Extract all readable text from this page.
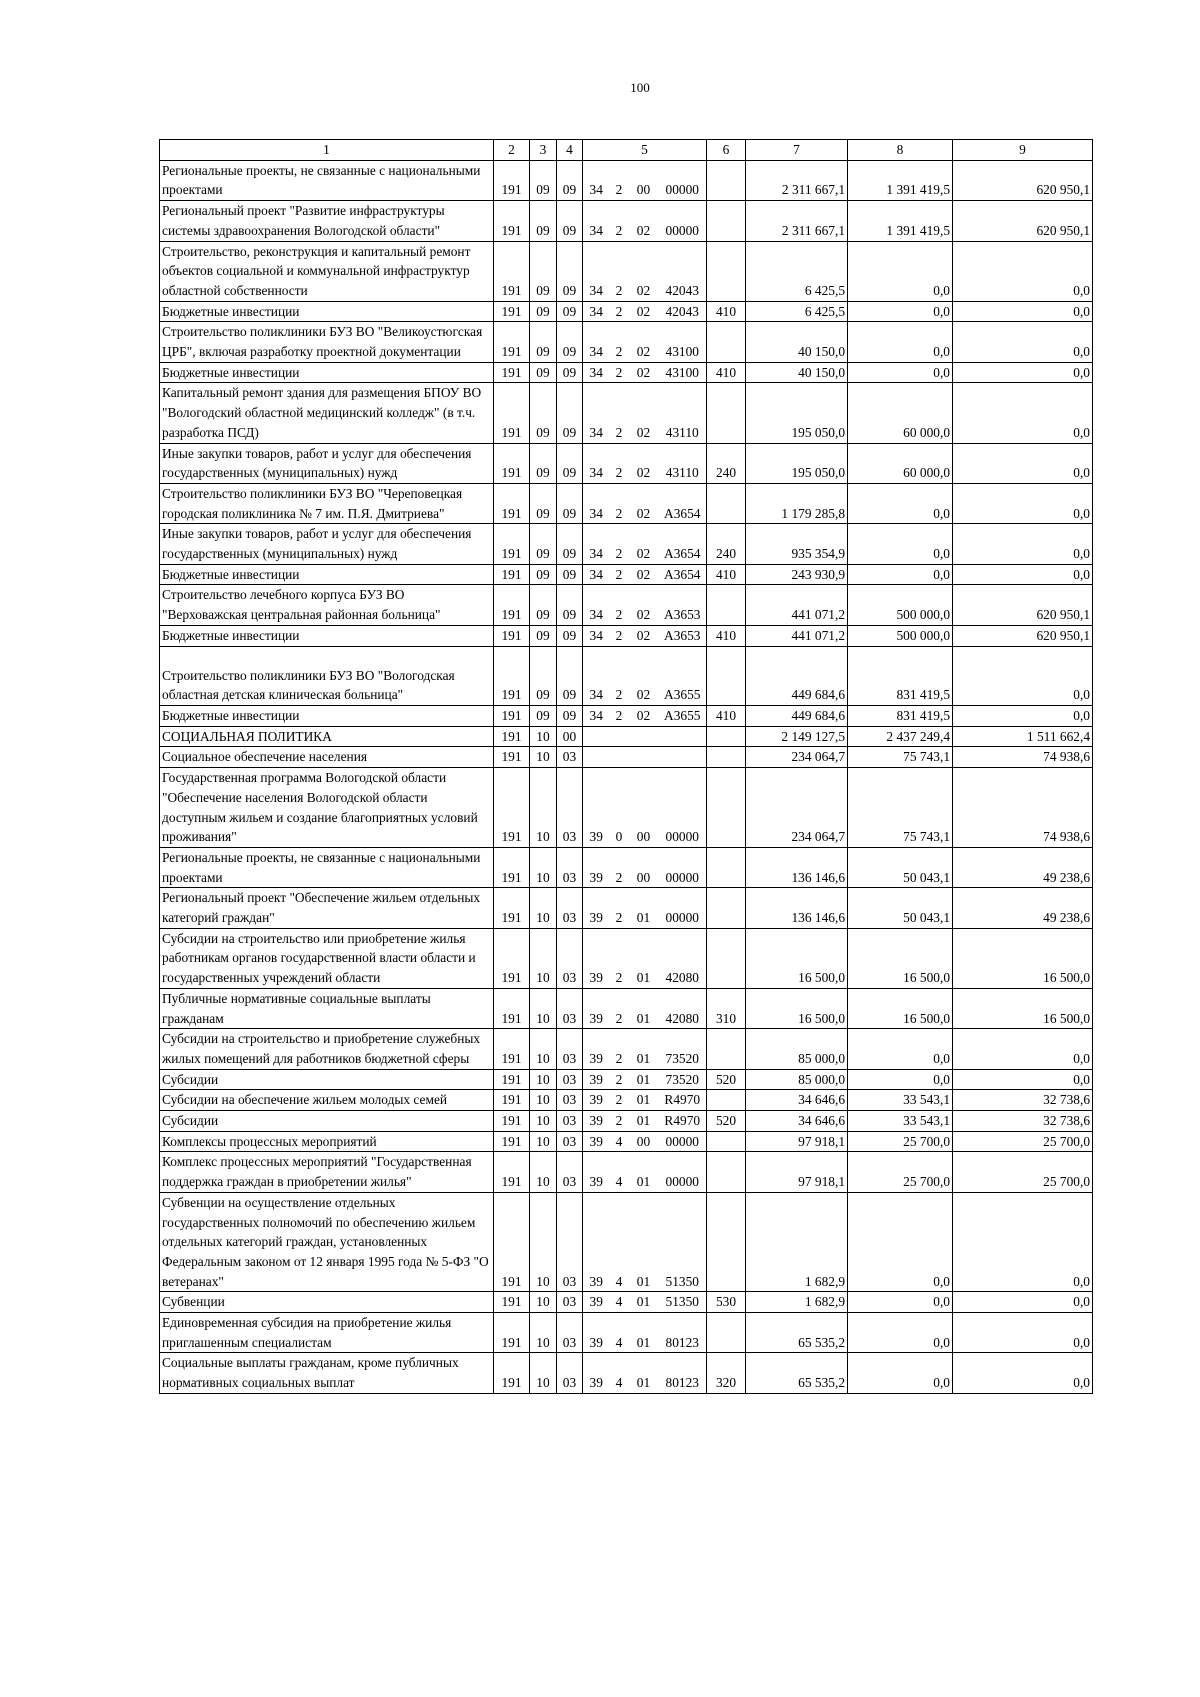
100
1	2	3	4	5				6	7	8	9
Региональные проекты, не связанные с национальными проектами	191	09	09	34	2	00	00000		2 311 667,1	1 391 419,5	620 950,1
Региональный проект "Развитие инфраструктуры системы здравоохранения Вологодской области"	191	09	09	34	2	02	00000		2 311 667,1	1 391 419,5	620 950,1
Строительство, реконструкция и капитальный ремонт объектов социальной и коммунальной инфраструктур областной собственности	191	09	09	34	2	02	42043		6 425,5	0,0	0,0
Бюджетные инвестиции	191	09	09	34	2	02	42043	410	6 425,5	0,0	0,0
Строительство поликлиники БУЗ ВО "Великоустюгская ЦРБ", включая разработку проектной документации	191	09	09	34	2	02	43100		40 150,0	0,0	0,0
Бюджетные инвестиции	191	09	09	34	2	02	43100	410	40 150,0	0,0	0,0
Капитальный ремонт здания для размещения БПОУ ВО "Вологодский областной медицинский колледж" (в т.ч. разработка ПСД)	191	09	09	34	2	02	43110		195 050,0	60 000,0	0,0
Иные закупки товаров, работ и услуг для обеспечения государственных (муниципальных) нужд	191	09	09	34	2	02	43110	240	195 050,0	60 000,0	0,0
Строительство поликлиники БУЗ ВО "Череповецкая городская поликлиника № 7 им. П.Я. Дмитриева"	191	09	09	34	2	02	А3654		1 179 285,8	0,0	0,0
Иные закупки товаров, работ и услуг для обеспечения государственных (муниципальных) нужд	191	09	09	34	2	02	А3654	240	935 354,9	0,0	0,0
Бюджетные инвестиции	191	09	09	34	2	02	А3654	410	243 930,9	0,0	0,0
Строительство лечебного корпуса БУЗ ВО "Верховажская центральная районная больница"	191	09	09	34	2	02	А3653		441 071,2	500 000,0	620 950,1
Бюджетные инвестиции	191	09	09	34	2	02	А3653	410	441 071,2	500 000,0	620 950,1
Строительство поликлиники БУЗ ВО "Вологодская областная детская клиническая больница"	191	09	09	34	2	02	А3655		449 684,6	831 419,5	0,0
Бюджетные инвестиции	191	09	09	34	2	02	А3655	410	449 684,6	831 419,5	0,0
СОЦИАЛЬНАЯ ПОЛИТИКА	191	10	00						2 149 127,5	2 437 249,4	1 511 662,4
Социальное обеспечение населения	191	10	03						234 064,7	75 743,1	74 938,6
Государственная программа Вологодской области "Обеспечение населения Вологодской области доступным жильем и создание благоприятных условий проживания"	191	10	03	39	0	00	00000		234 064,7	75 743,1	74 938,6
Региональные проекты, не связанные с национальными проектами	191	10	03	39	2	00	00000		136 146,6	50 043,1	49 238,6
Региональный проект "Обеспечение жильем отдельных категорий граждан"	191	10	03	39	2	01	00000		136 146,6	50 043,1	49 238,6
Субсидии на строительство или приобретение жилья работникам органов государственной власти области и государственных учреждений области	191	10	03	39	2	01	42080		16 500,0	16 500,0	16 500,0
Публичные нормативные социальные выплаты гражданам	191	10	03	39	2	01	42080	310	16 500,0	16 500,0	16 500,0
Субсидии на строительство и приобретение служебных жилых помещений для работников бюджетной сферы	191	10	03	39	2	01	73520		85 000,0	0,0	0,0
Субсидии	191	10	03	39	2	01	73520	520	85 000,0	0,0	0,0
Субсидии на обеспечение жильем молодых семей	191	10	03	39	2	01	R4970		34 646,6	33 543,1	32 738,6
Субсидии	191	10	03	39	2	01	R4970	520	34 646,6	33 543,1	32 738,6
Комплексы процессных мероприятий	191	10	03	39	4	00	00000		97 918,1	25 700,0	25 700,0
Комплекс процессных мероприятий "Государственная поддержка граждан в приобретении жилья"	191	10	03	39	4	01	00000		97 918,1	25 700,0	25 700,0
Субвенции на осуществление отдельных государственных полномочий по обеспечению жильем отдельных категорий граждан, установленных Федеральным законом от 12 января 1995 года № 5-ФЗ "О ветеранах"	191	10	03	39	4	01	51350		1 682,9	0,0	0,0
Субвенции	191	10	03	39	4	01	51350	530	1 682,9	0,0	0,0
Единовременная субсидия на приобретение жилья приглашенным специалистам	191	10	03	39	4	01	80123		65 535,2	0,0	0,0
Социальные выплаты гражданам, кроме публичных нормативных социальных выплат	191	10	03	39	4	01	80123	320	65 535,2	0,0	0,0
